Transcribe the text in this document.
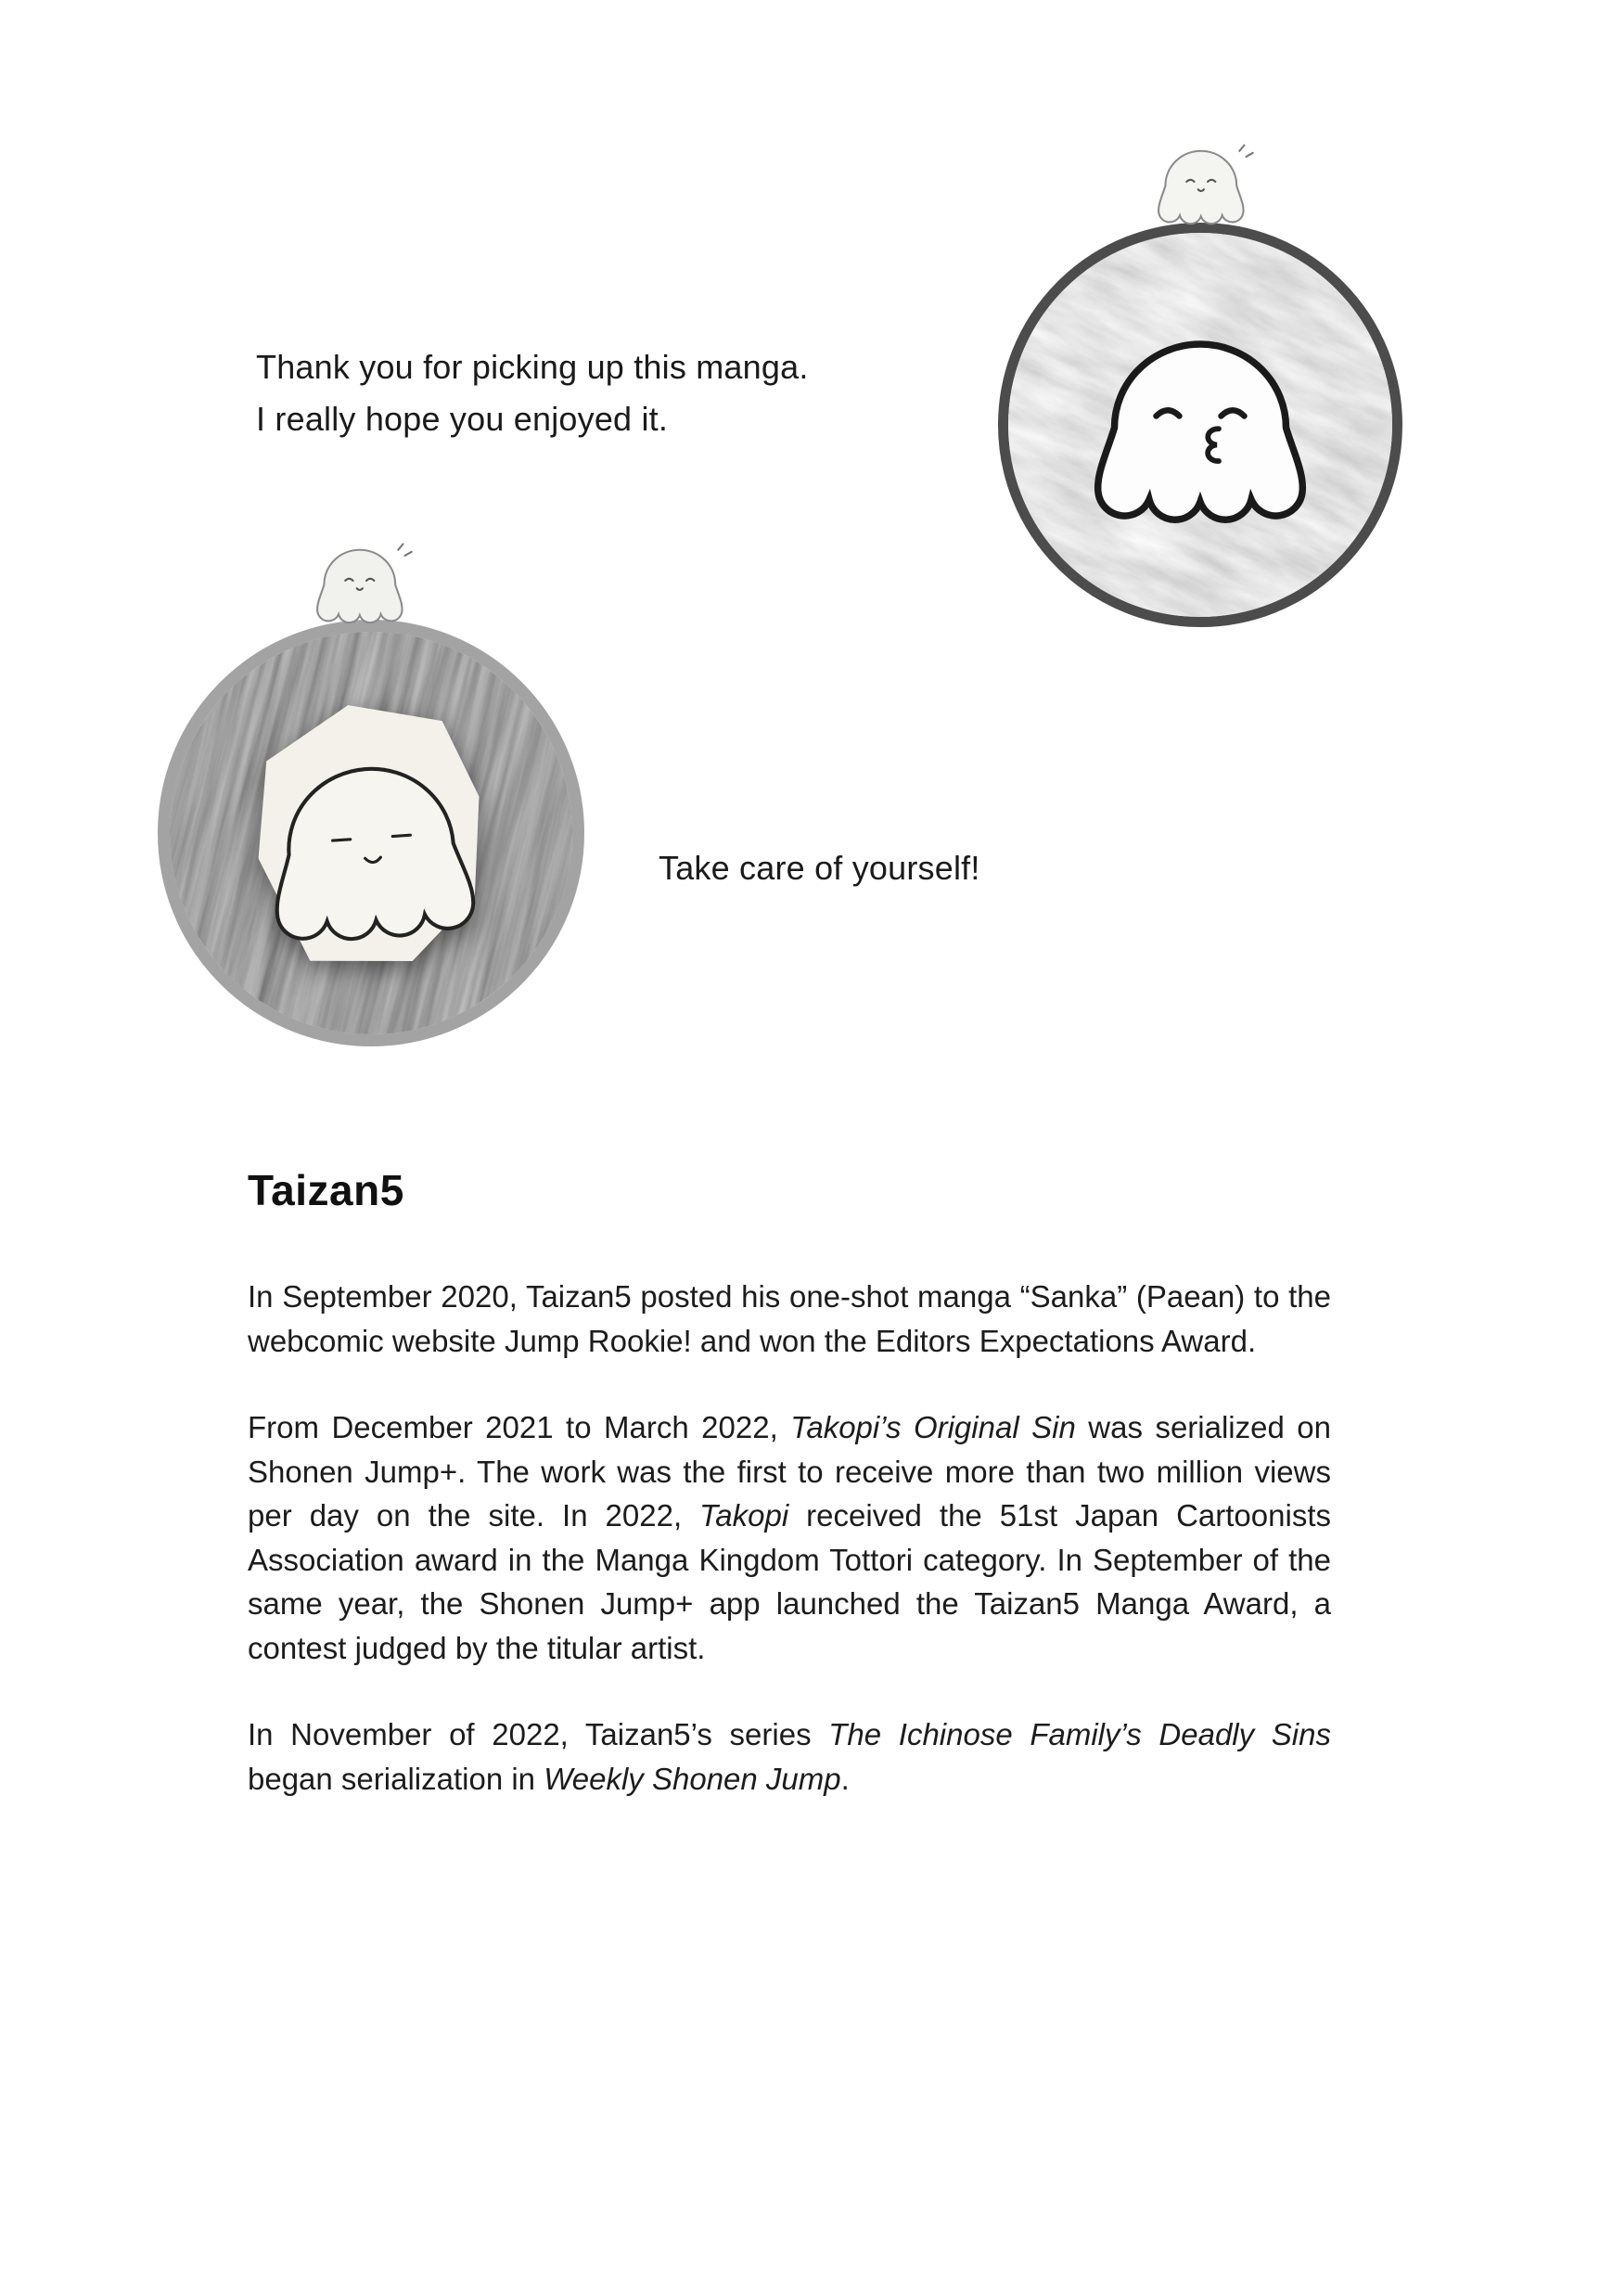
Thank you for picking up this manga.
I really hope you enjoyed it.

Take care of yourself!

Taizan5

In September 2020, Taizan5 posted his one-shot manga “Sanka” (Paean) to the webcomic website Jump Rookie! and won the Editors Expectations Award.

From December 2021 to March 2022, Takopi’s Original Sin was serialized on Shonen Jump+. The work was the first to receive more than two million views per day on the site. In 2022, Takopi received the 51st Japan Cartoonists Association award in the Manga Kingdom Tottori category. In September of the same year, the Shonen Jump+ app launched the Taizan5 Manga Award, a contest judged by the titular artist.

In November of 2022, Taizan5’s series The Ichinose Family’s Deadly Sins began serialization in Weekly Shonen Jump.
